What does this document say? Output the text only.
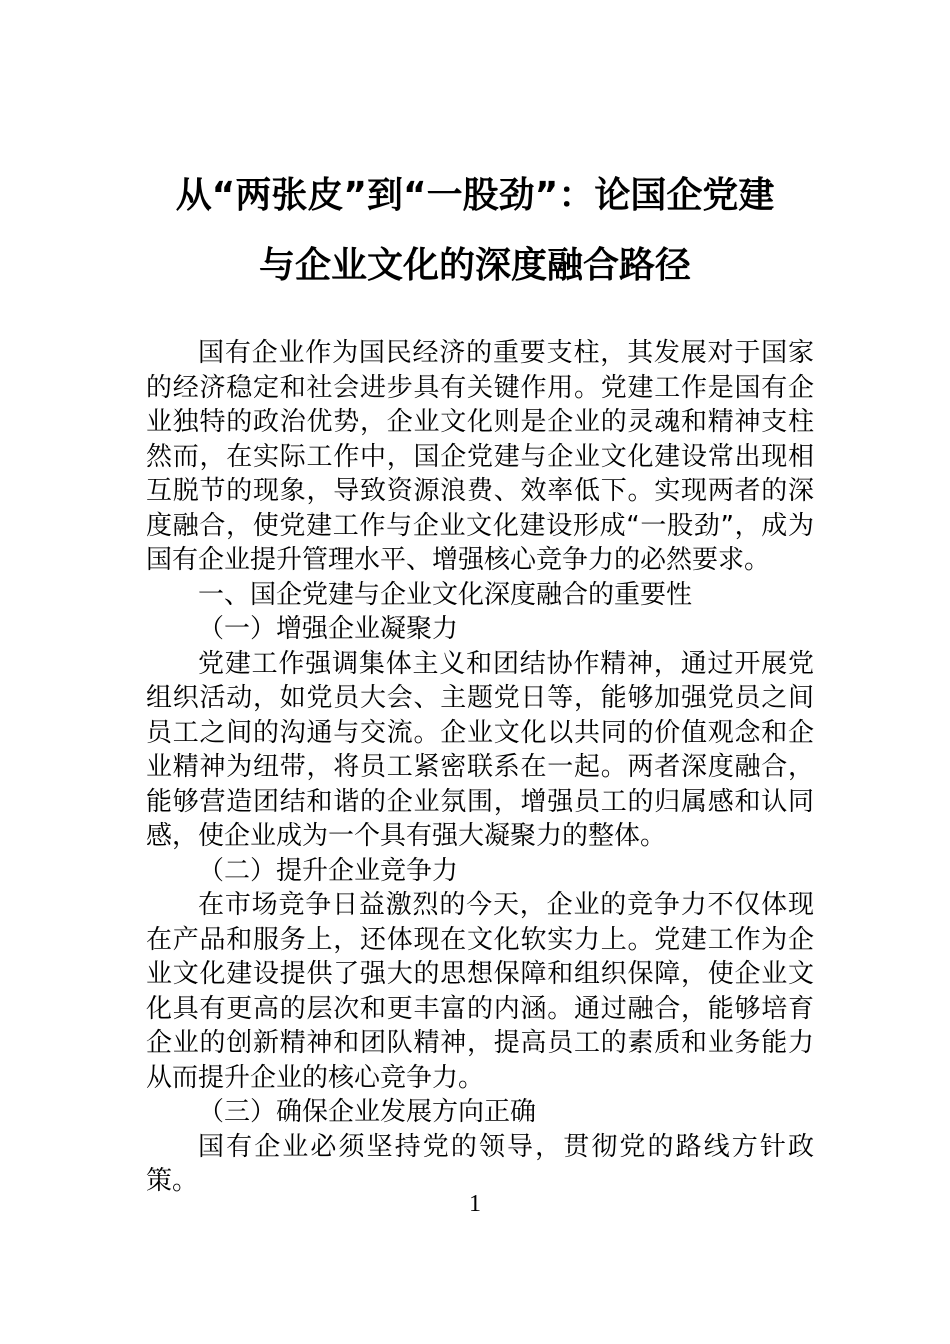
从“两张皮”到“一股劲”：论国企党建
与企业文化的深度融合路径

国有企业作为国民经济的重要支柱，其发展对于国家的经济稳定和社会进步具有关键作用。党建工作是国有企业独特的政治优势，企业文化则是企业的灵魂和精神支柱然而，在实际工作中，国企党建与企业文化建设常出现相互脱节的现象，导致资源浪费、效率低下。实现两者的深度融合，使党建工作与企业文化建设形成“一股劲”，成为国有企业提升管理水平、增强核心竞争力的必然要求。

一、国企党建与企业文化深度融合的重要性

（一）增强企业凝聚力

党建工作强调集体主义和团结协作精神，通过开展党组织活动，如党员大会、主题党日等，能够加强党员之间员工之间的沟通与交流。企业文化以共同的价值观念和企业精神为纽带，将员工紧密联系在一起。两者深度融合，能够营造团结和谐的企业氛围，增强员工的归属感和认同感，使企业成为一个具有强大凝聚力的整体。

（二）提升企业竞争力

在市场竞争日益激烈的今天，企业的竞争力不仅体现在产品和服务上，还体现在文化软实力上。党建工作为企业文化建设提供了强大的思想保障和组织保障，使企业文化具有更高的层次和更丰富的内涵。通过融合，能够培育企业的创新精神和团队精神，提高员工的素质和业务能力从而提升企业的核心竞争力。

（三）确保企业发展方向正确

国有企业必须坚持党的领导，贯彻党的路线方针政策。

1
